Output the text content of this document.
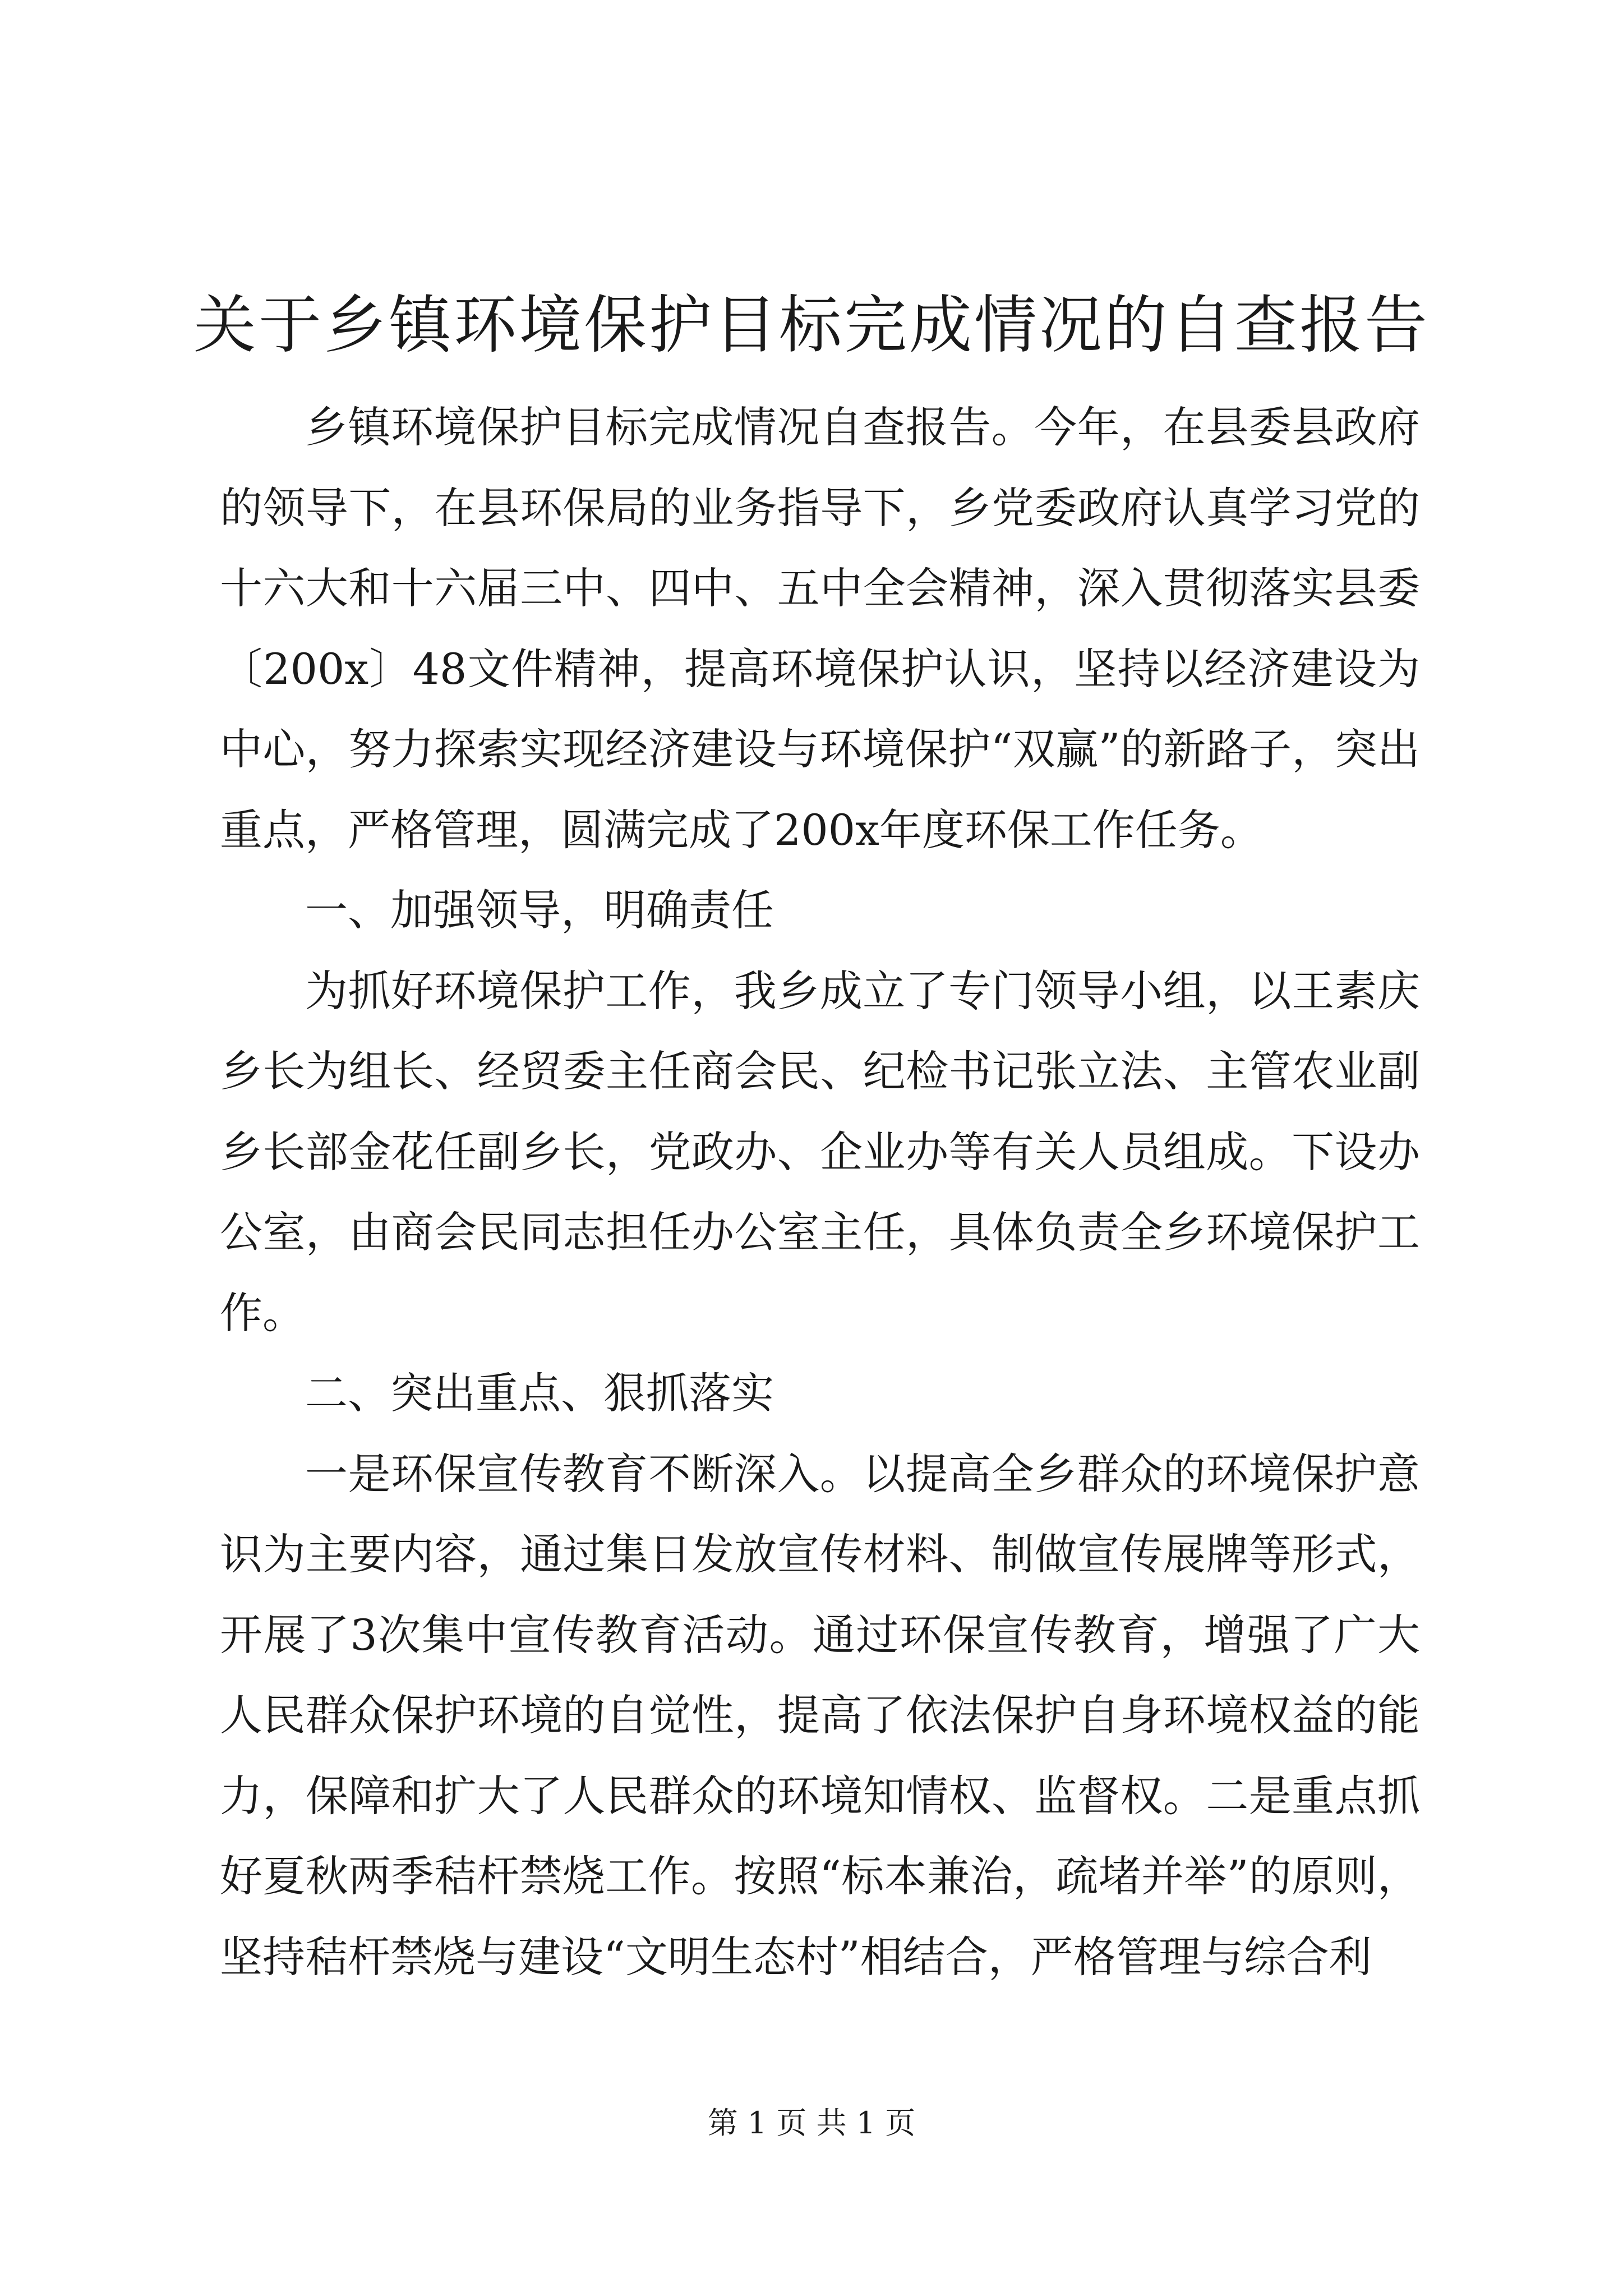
关于乡镇环境保护目标完成情况的自查报告

乡镇环境保护目标完成情况自查报告。今年，在县委县政府的领导下，在县环保局的业务指导下，乡党委政府认真学习党的十六大和十六届三中、四中、五中全会精神，深入贯彻落实县委〔200x〕48文件精神，提高环境保护认识，坚持以经济建设为中心，努力探索实现经济建设与环境保护“双赢”的新路子，突出重点，严格管理，圆满完成了200x年度环保工作任务。

一、加强领导，明确责任

为抓好环境保护工作，我乡成立了专门领导小组，以王素庆乡长为组长、经贸委主任商会民、纪检书记张立法、主管农业副乡长部金花任副乡长，党政办、企业办等有关人员组成。下设办公室，由商会民同志担任办公室主任，具体负责全乡环境保护工作。

二、突出重点、狠抓落实

一是环保宣传教育不断深入。以提高全乡群众的环境保护意识为主要内容，通过集日发放宣传材料、制做宣传展牌等形式，开展了3次集中宣传教育活动。通过环保宣传教育，增强了广大人民群众保护环境的自觉性，提高了依法保护自身环境权益的能力，保障和扩大了人民群众的环境知情权、监督权。二是重点抓好夏秋两季秸杆禁烧工作。按照“标本兼治，疏堵并举”的原则，坚持秸杆禁烧与建设“文明生态村”相结合，严格管理与综合利

第 1 页 共 1 页
